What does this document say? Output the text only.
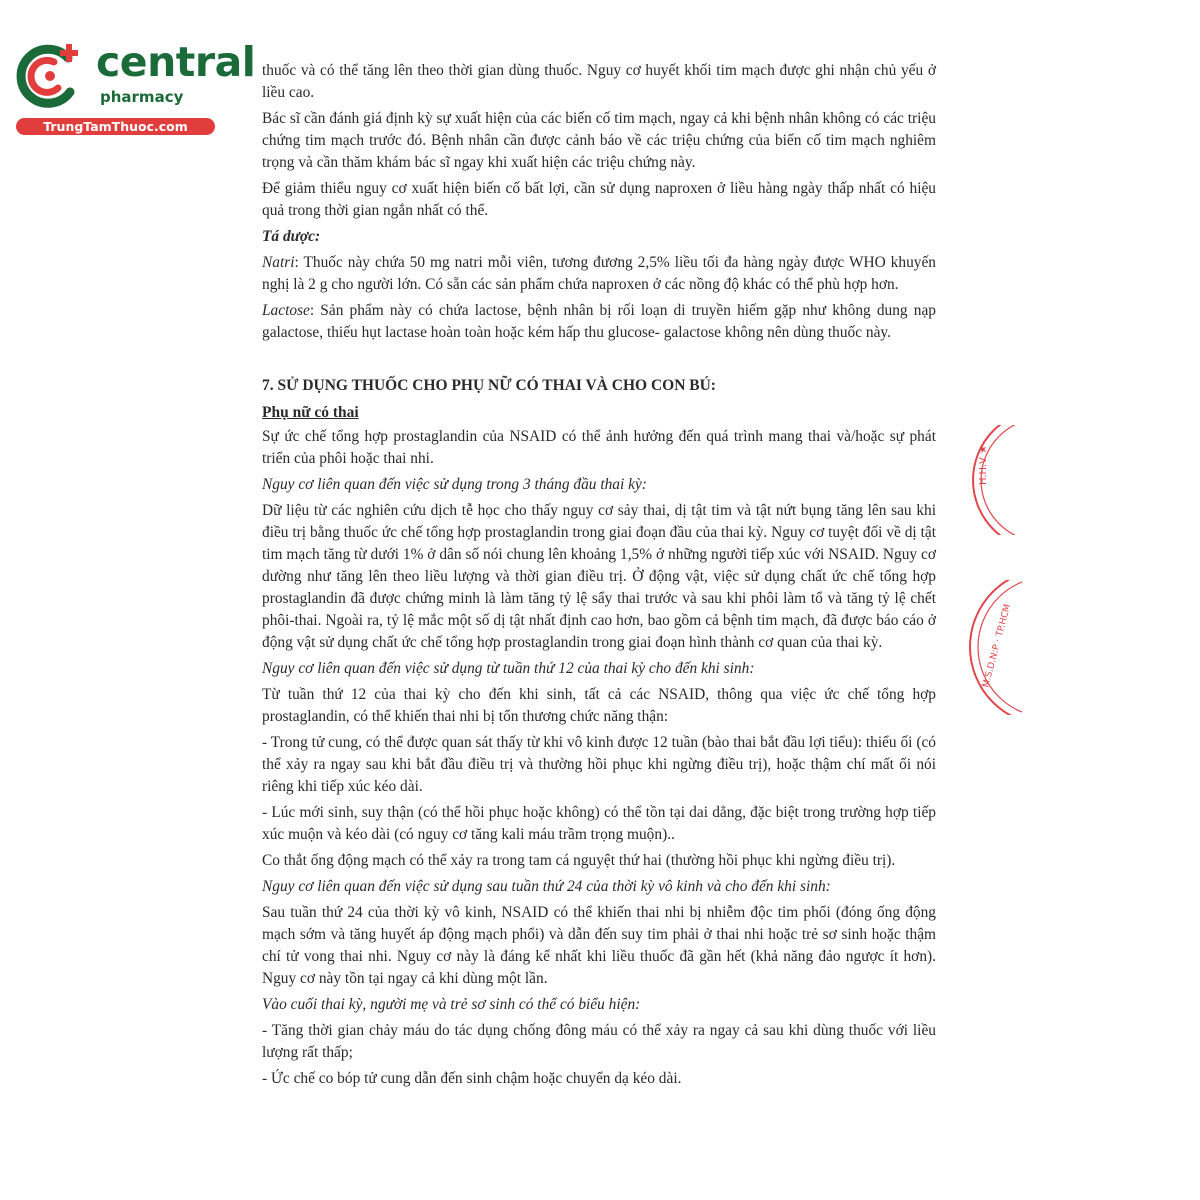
central
pharmacy
TrungTamThuoc.com

thuốc và có thể tăng lên theo thời gian dùng thuốc. Nguy cơ huyết khối tim mạch được ghi nhận chủ yếu ở liều cao.

Bác sĩ cần đánh giá định kỳ sự xuất hiện của các biến cố tim mạch, ngay cả khi bệnh nhân không có các triệu chứng tim mạch trước đó. Bệnh nhân cần được cảnh báo về các triệu chứng của biến cố tim mạch nghiêm trọng và cần thăm khám bác sĩ ngay khi xuất hiện các triệu chứng này.

Để giảm thiểu nguy cơ xuất hiện biến cố bất lợi, cần sử dụng naproxen ở liều hàng ngày thấp nhất có hiệu quả trong thời gian ngắn nhất có thể.

Tá dược:

Natri: Thuốc này chứa 50 mg natri mỗi viên, tương đương 2,5% liều tối đa hàng ngày được WHO khuyến nghị là 2 g cho người lớn. Có sẵn các sản phẩm chứa naproxen ở các nồng độ khác có thể phù hợp hơn.

Lactose: Sản phẩm này có chứa lactose, bệnh nhân bị rối loạn di truyền hiếm gặp như không dung nạp galactose, thiếu hụt lactase hoàn toàn hoặc kém hấp thu glucose- galactose không nên dùng thuốc này.

7. SỬ DỤNG THUỐC CHO PHỤ NỮ CÓ THAI VÀ CHO CON BÚ:
Phụ nữ có thai

Sự ức chế tổng hợp prostaglandin của NSAID có thể ảnh hưởng đến quá trình mang thai và/hoặc sự phát triển của phôi hoặc thai nhi.

Nguy cơ liên quan đến việc sử dụng trong 3 tháng đầu thai kỳ:

Dữ liệu từ các nghiên cứu dịch tễ học cho thấy nguy cơ sảy thai, dị tật tim và tật nứt bụng tăng lên sau khi điều trị bằng thuốc ức chế tổng hợp prostaglandin trong giai đoạn đầu của thai kỳ. Nguy cơ tuyệt đối về dị tật tim mạch tăng từ dưới 1% ở dân số nói chung lên khoảng 1,5% ở những người tiếp xúc với NSAID. Nguy cơ dường như tăng lên theo liều lượng và thời gian điều trị. Ở động vật, việc sử dụng chất ức chế tổng hợp prostaglandin đã được chứng minh là làm tăng tỷ lệ sẩy thai trước và sau khi phôi làm tổ và tăng tỷ lệ chết phôi-thai. Ngoài ra, tỷ lệ mắc một số dị tật nhất định cao hơn, bao gồm cả bệnh tim mạch, đã được báo cáo ở động vật sử dụng chất ức chế tổng hợp prostaglandin trong giai đoạn hình thành cơ quan của thai kỳ.

Nguy cơ liên quan đến việc sử dụng từ tuần thứ 12 của thai kỳ cho đến khi sinh:

Từ tuần thứ 12 của thai kỳ cho đến khi sinh, tất cả các NSAID, thông qua việc ức chế tổng hợp prostaglandin, có thể khiến thai nhi bị tổn thương chức năng thận:

- Trong tử cung, có thể được quan sát thấy từ khi vô kinh được 12 tuần (bào thai bắt đầu lợi tiểu): thiểu ối (có thể xảy ra ngay sau khi bắt đầu điều trị và thường hồi phục khi ngừng điều trị), hoặc thậm chí mất ối nói riêng khi tiếp xúc kéo dài.

- Lúc mới sinh, suy thận (có thể hồi phục hoặc không) có thể tồn tại dai dẳng, đặc biệt trong trường hợp tiếp xúc muộn và kéo dài (có nguy cơ tăng kali máu trầm trọng muộn)..

Co thắt ống động mạch có thể xảy ra trong tam cá nguyệt thứ hai (thường hồi phục khi ngừng điều trị).

Nguy cơ liên quan đến việc sử dụng sau tuần thứ 24 của thời kỳ vô kinh và cho đến khi sinh:

Sau tuần thứ 24 của thời kỳ vô kinh, NSAID có thể khiến thai nhi bị nhiễm độc tim phổi (đóng ống động mạch sớm và tăng huyết áp động mạch phổi) và dẫn đến suy tim phải ở thai nhi hoặc trẻ sơ sinh hoặc thậm chí tử vong thai nhi. Nguy cơ này là đáng kể nhất khi liều thuốc đã gần hết (khả năng đảo ngược ít hơn). Nguy cơ này tồn tại ngay cả khi dùng một lần.

Vào cuối thai kỳ, người mẹ và trẻ sơ sinh có thể có biểu hiện:

- Tăng thời gian chảy máu do tác dụng chống đông máu có thể xảy ra ngay cả sau khi dùng thuốc với liều lượng rất thấp;

- Ức chế co bóp tử cung dẫn đến sinh chậm hoặc chuyển dạ kéo dài.

H.H.V ★
M.S.D.N:P · TP.HCM
